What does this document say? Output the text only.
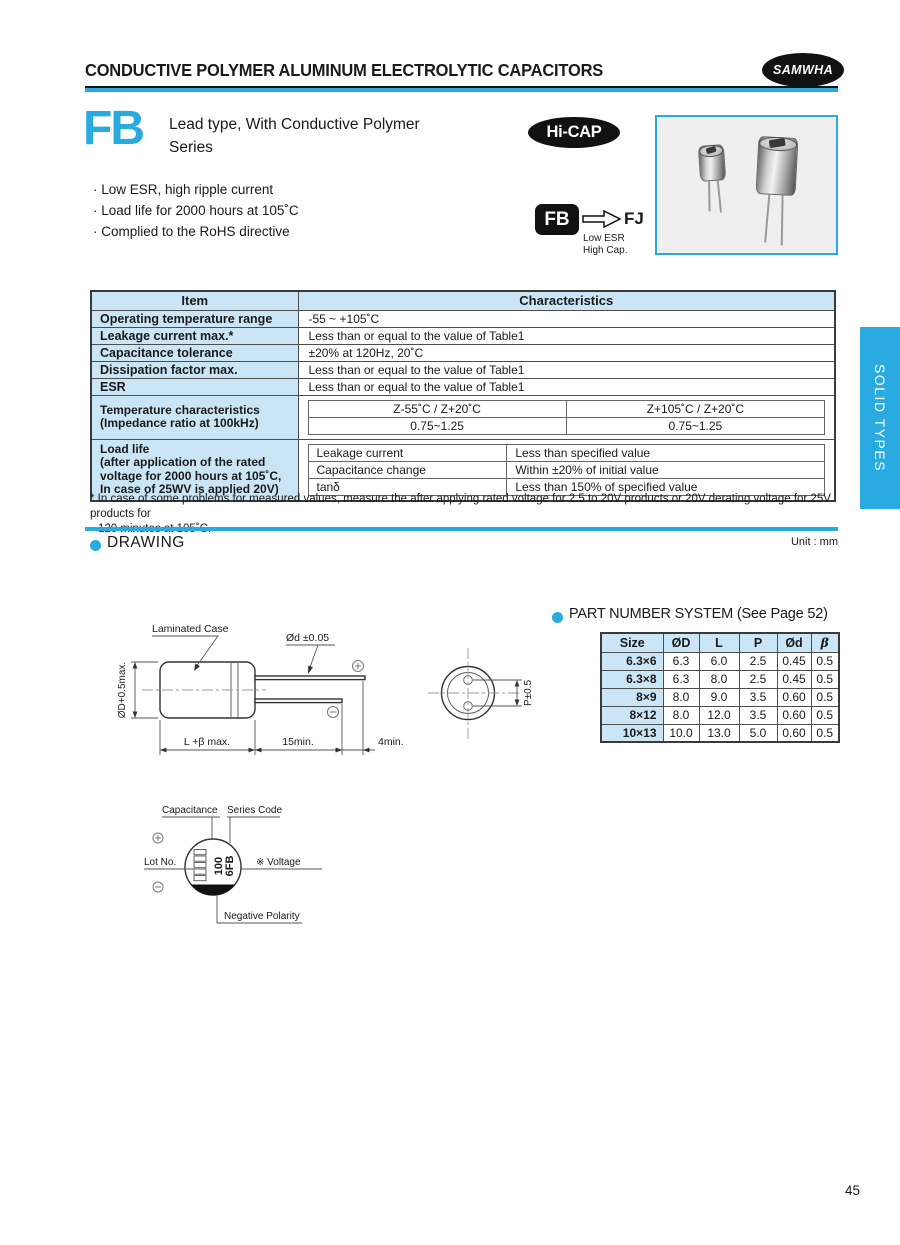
CONDUCTIVE POLYMER ALUMINUM ELECTROLYTIC CAPACITORS	SAMWHA
FB Lead type, With Conductive Polymer
Series
Hi-CAP
· Low ESR, high ripple current
· Load life for 2000 hours at 105˚C
· Complied to the RoHS directive
FB	FJ
Low ESR
High Cap.
SOLID TYPES
Item	Characteristics
Operating temperature range	-55 ~ +105˚C
Leakage current max.*	Less than or equal to the value of Table1
Capacitance tolerance	±20% at 120Hz, 20˚C
Dissipation factor max.	Less than or equal to the value of Table1
ESR	Less than or equal to the value of Table1

Temperature characteristics
(Impedance ratio at 100kHz)

Z-55˚C / Z+20˚C	Z+105˚C / Z+20˚C
0.75~1.25	0.75~1.25

Load life
(after application of the rated
voltage for 2000 hours at 105˚C,
In case of 25WV is applied 20V)

Leakage current	Less than specified value
Capacitance change	Within ±20% of initial value
tanδ	Less than 150% of specified value
* In case of some problems for measured values, measure the after applying rated voltage for 2.5 to 20V products or 20V derating voltage for 25V products for
DRAWING	Unit : mm
ØD+0.5max.
Laminated Case
Ød ±0.05
L +β max.	15min.	4min.
P±0.5
PART NUMBER SYSTEM (See Page 52)
Size	ØD	L	P	Ød	β
6.3×6	6.3	6.0	2.5	0.45	0.5
6.3×8	6.3	8.0	2.5	0.45	0.5
8×9	8.0	9.0	3.5	0.60	0.5
8×12	8.0	12.0	3.5	0.60	0.5
10×13	10.0	13.0	5.0	0.60	0.5
Capacitance Series Code
100 6FB
Lot No.	※ Voltage
Negative Polarity
45
